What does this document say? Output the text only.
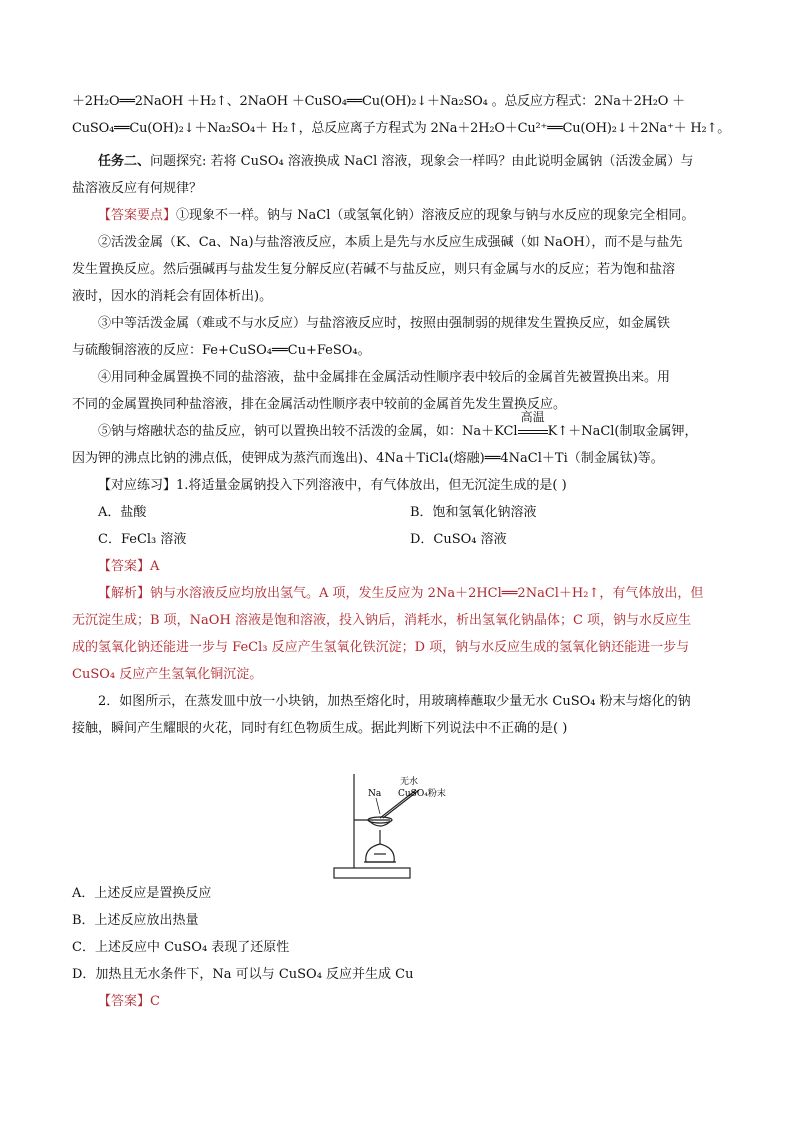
＋2H₂O══2NaOH ＋H₂↑、2NaOH ＋CuSO₄══Cu(OH)₂↓＋Na₂SO₄ 。总反应方程式：2Na＋2H₂O ＋
CuSO₄══Cu(OH)₂↓＋Na₂SO₄＋ H₂↑，总反应离子方程式为 2Na＋2H₂O＋Cu²⁺══Cu(OH)₂↓＋2Na⁺＋ H₂↑。
任务二、问题探究: 若将 CuSO₄ 溶液换成 NaCl 溶液，现象会一样吗？由此说明金属钠（活泼金属）与
盐溶液反应有何规律？
【答案要点】①现象不一样。钠与 NaCl（或氢氧化钠）溶液反应的现象与钠与水反应的现象完全相同。
②活泼金属（K、Ca、Na)与盐溶液反应，本质上是先与水反应生成强碱（如 NaOH），而不是与盐先
发生置换反应。然后强碱再与盐发生复分解反应(若碱不与盐反应，则只有金属与水的反应；若为饱和盐溶
液时，因水的消耗会有固体析出)。
③中等活泼金属（难或不与水反应）与盐溶液反应时，按照由强制弱的规律发生置换反应，如金属铁
与硫酸铜溶液的反应：Fe+CuSO₄══Cu+FeSO₄。
④用同种金属置换不同的盐溶液，盐中金属排在金属活动性顺序表中较后的金属首先被置换出来。用
不同的金属置换同种盐溶液，排在金属活动性顺序表中较前的金属首先发生置换反应。
⑤钠与熔融状态的盐反应，钠可以置换出较不活泼的金属，如：Na＋KCl
高温
K↑＋NaCl(制取金属钾，
因为钾的沸点比钠的沸点低，使钾成为蒸汽而逸出)、4Na＋TiCl₄(熔融)══4NaCl＋Ti（制金属钛)等。
【对应练习】1.将适量金属钠投入下列溶液中，有气体放出，但无沉淀生成的是( )
A．盐酸	B．饱和氢氧化钠溶液
C．FeCl₃ 溶液	D．CuSO₄ 溶液
【答案】A
【解析】钠与水溶液反应均放出氢气。A 项，发生反应为 2Na＋2HCl══2NaCl＋H₂↑，有气体放出，但
无沉淀生成；B 项，NaOH 溶液是饱和溶液，投入钠后，消耗水，析出氢氧化钠晶体；C 项，钠与水反应生
成的氢氧化钠还能进一步与 FeCl₃ 反应产生氢氧化铁沉淀；D 项，钠与水反应生成的氢氧化钠还能进一步与
CuSO₄ 反应产生氢氧化铜沉淀。
2．如图所示，在蒸发皿中放一小块钠，加热至熔化时，用玻璃棒蘸取少量无水 CuSO₄ 粉末与熔化的钠
接触，瞬间产生耀眼的火花，同时有红色物质生成。据此判断下列说法中不正确的是( )
Na
无水
CuSO₄粉末
A．上述反应是置换反应
B．上述反应放出热量
C．上述反应中 CuSO₄ 表现了还原性
D．加热且无水条件下，Na 可以与 CuSO₄ 反应并生成 Cu
【答案】C
